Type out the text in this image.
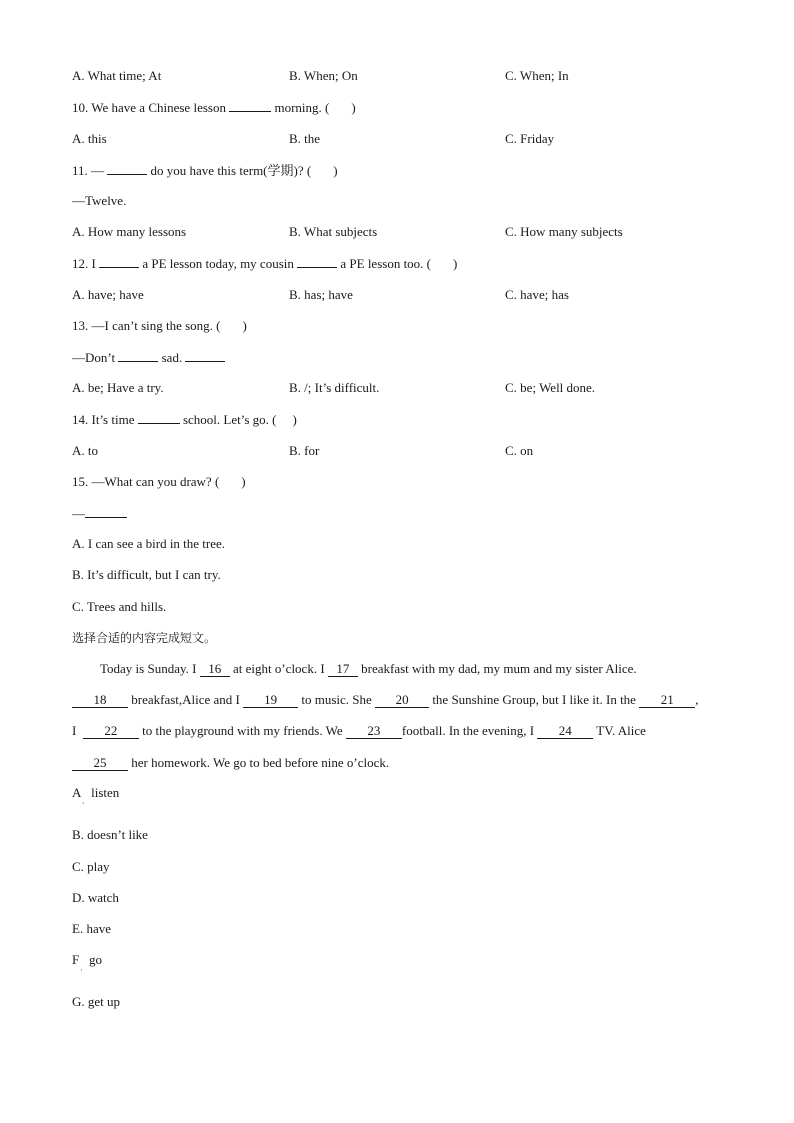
A. What time; At	B. When; On	C. When; In
10. We have a Chinese lesson	morning. ( )
A. this	B. the	C. Friday
11. —	do you have this term(学期)? ( )
—Twelve.
A. How many lessons	B. What subjects	C. How many subjects
12. I	a PE lesson today, my cousin	a PE lesson too. ( )
A. have; have	B. has; have	C. have; has
13. —I can’t sing the song. ( )
—Don’t	sad.
A. be; Have a try.	B. /; It’s difficult.	C. be; Well done.
14. It’s time	school. Let’s go. ( )
A. to	B. for	C. on
15. —What can you draw? ( )
—
A. I can see a bird in the tree.
B. It’s difficult, but I can try.
C. Trees and hills.
选择合适的内容完成短文。
Today is Sunday. I 16 at eight o’clock. I 17 breakfast with my dad, my mum and my sister Alice.
18 breakfast,Alice and I 19 to music. She 20 the Sunshine Group, but I like it. In the 21 ,
I 22 to the playground with my friends. We 23 football. In the evening, I 24 TV. Alice
25 her homework. We go to bed before nine o’clock.
A listen
·
B. doesn’t like
C. play
D. watch
E. have
F go
·
G. get up
